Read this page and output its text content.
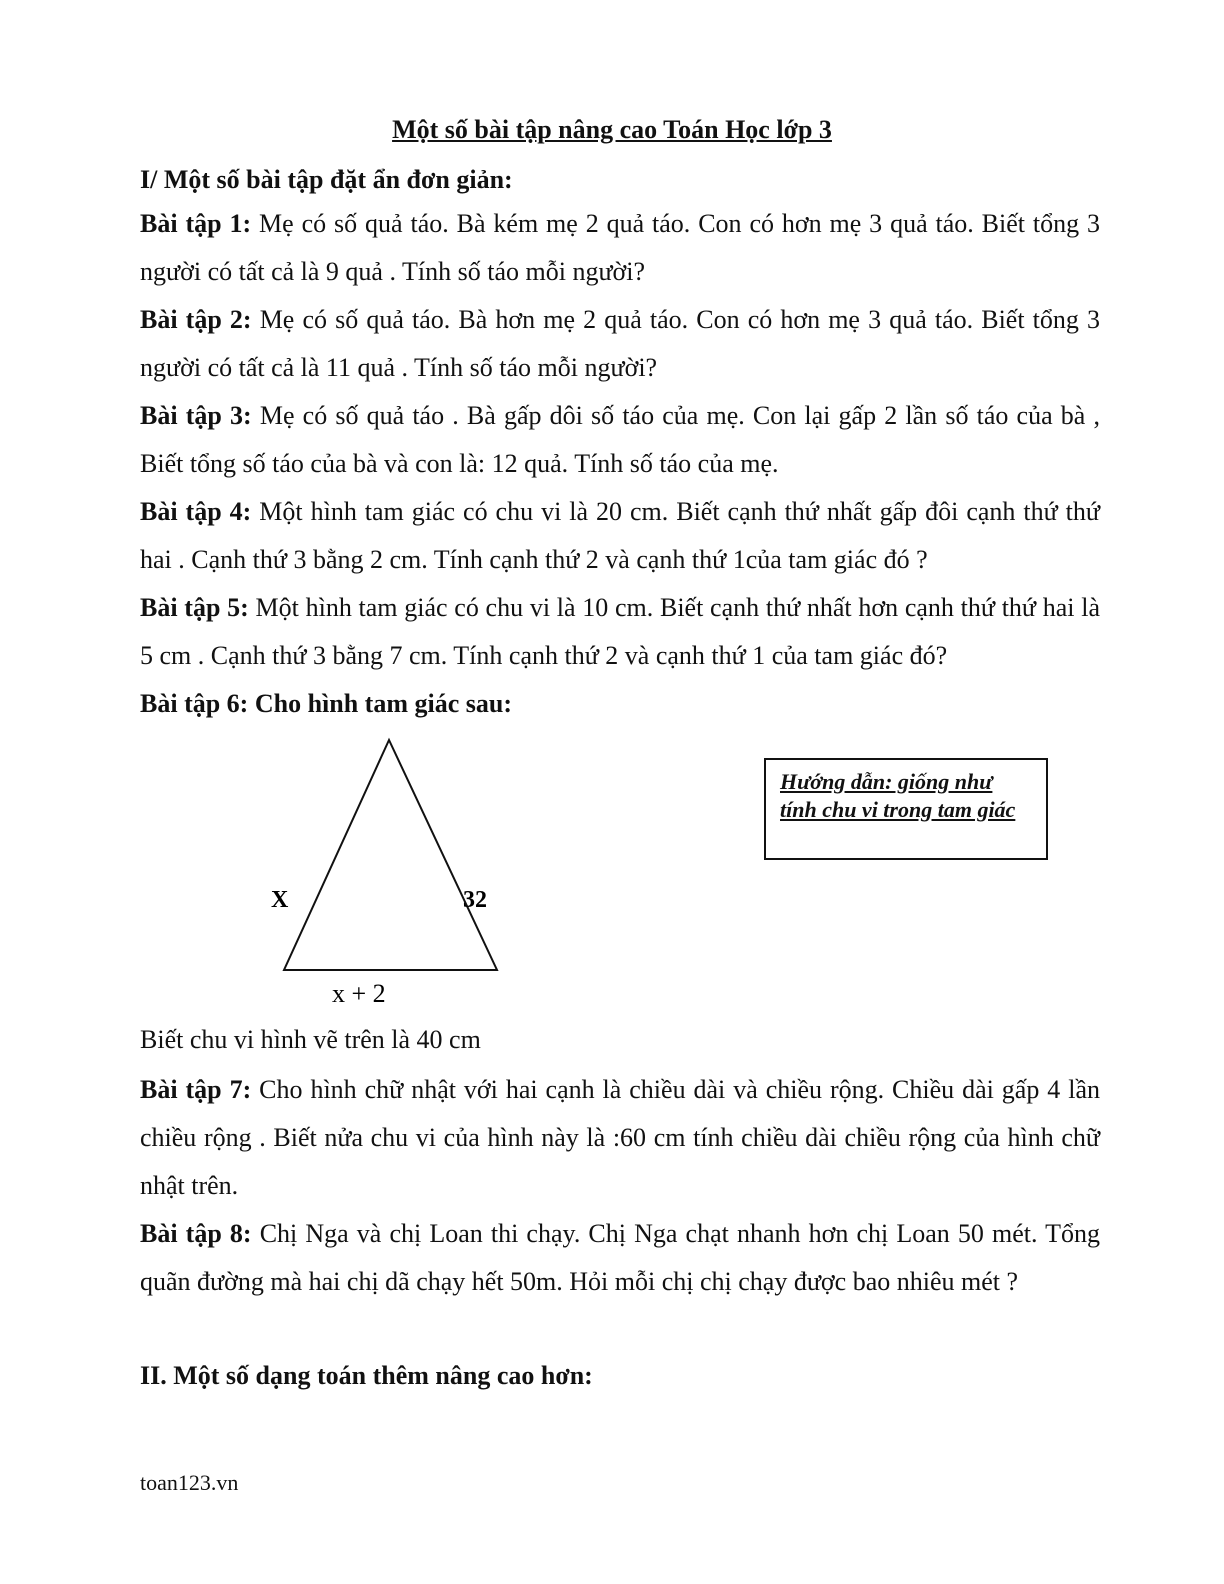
Một số bài tập nâng cao Toán Học lớp 3
I/ Một số bài tập đặt ẩn đơn giản:
Bài tập 1: Mẹ có số quả táo. Bà kém mẹ 2 quả táo. Con có hơn mẹ 3 quả táo. Biết tổng 3 người có tất cả là 9 quả . Tính số táo mỗi người?
Bài tập 2: Mẹ có số quả táo. Bà hơn mẹ 2 quả táo. Con có hơn mẹ 3 quả táo. Biết tổng 3 người có tất cả là 11 quả . Tính số táo mỗi người?
Bài tập 3: Mẹ có số quả táo . Bà gấp dôi số táo của mẹ. Con lại gấp 2 lần số táo của bà , Biết tổng số táo của bà và con là: 12 quả. Tính số táo của mẹ.
Bài tập 4: Một hình tam giác có chu vi là 20 cm. Biết cạnh thứ nhất gấp đôi cạnh thứ thứ hai . Cạnh thứ 3 bằng 2 cm. Tính cạnh thứ 2 và cạnh thứ 1của tam giác đó ?
Bài tập 5: Một hình tam giác có chu vi là 10 cm. Biết cạnh thứ nhất hơn cạnh thứ thứ hai là 5 cm . Cạnh thứ 3 bằng 7 cm. Tính cạnh thứ 2 và cạnh thứ 1 của tam giác đó?
Bài tập 6: Cho hình tam giác sau:
X	32
x + 2
Hướng dẫn: giống như tính chu vi trong tam giác
Biết chu vi hình vẽ trên là 40 cm
Bài tập 7: Cho hình chữ nhật với hai cạnh là chiều dài và chiều rộng. Chiều dài gấp 4 lần chiều rộng . Biết nửa chu vi của hình này là :60 cm tính chiều dài chiều rộng của hình chữ nhật trên.
Bài tập 8: Chị Nga và chị Loan thi chạy. Chị Nga chạt nhanh hơn chị Loan 50 mét. Tổng quãn đường mà hai chị dã chạy hết 50m. Hỏi mỗi chị chị chạy được bao nhiêu mét ?
II. Một số dạng toán thêm nâng cao hơn:
toan123.vn
